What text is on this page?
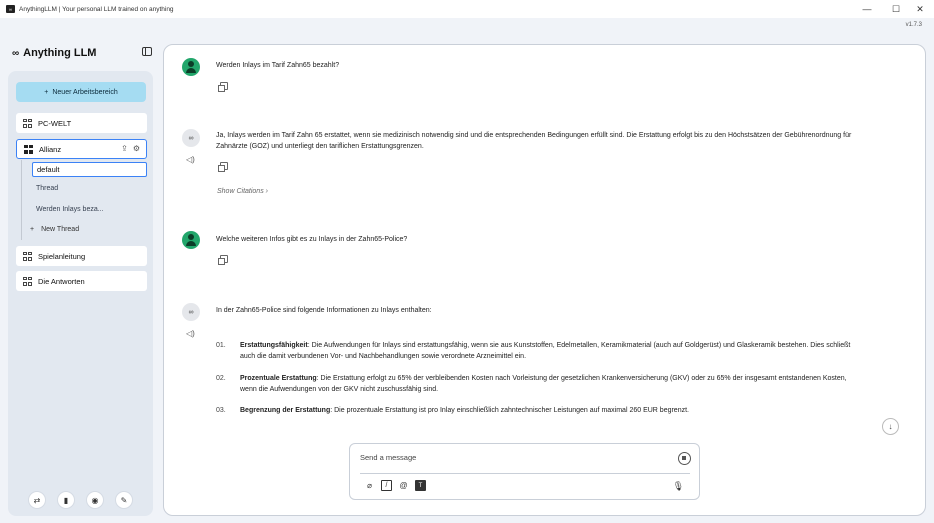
∞	AnythingLLM | Your personal LLM trained on anything	—	☐	✕
v1.7.3
∞ Anything LLM
+ Neuer Arbeitsbereich
PC-WELT
Allianz	⇪ ⚙
default
Thread
Werden Inlays beza...
+ New Thread
Spielanleitung
Die Antworten
⇄	▮	◉	✎
Werden Inlays im Tarif Zahn65 bezahlt?
∞
◁)
Ja, Inlays werden im Tarif Zahn 65 erstattet, wenn sie medizinisch notwendig sind und die entsprechenden Bedingungen erfüllt sind. Die Erstattung erfolgt bis zu den Höchstsätzen der Gebührenordnung für Zahnärzte (GOZ) und unterliegt den tariflichen Erstattungsgrenzen.
Show Citations ›
Welche weiteren Infos gibt es zu Inlays in der Zahn65-Police?
∞
◁)
In der Zahn65-Police sind folgende Informationen zu Inlays enthalten:
01. Erstattungsfähigkeit: Die Aufwendungen für Inlays sind erstattungsfähig, wenn sie aus Kunststoffen, Edelmetallen, Keramikmaterial (auch auf Goldgerüst) und Glaskeramik bestehen. Dies schließt auch die damit verbundenen Vor- und Nachbehandlungen sowie verordnete Arzneimittel ein.
02. Prozentuale Erstattung: Die Erstattung erfolgt zu 65% der verbleibenden Kosten nach Vorleistung der gesetzlichen Krankenversicherung (GKV) oder zu 65% der insgesamt entstandenen Kosten, wenn die Aufwendungen von der GKV nicht zuschussfähig sind.
03. Begrenzung der Erstattung: Die prozentuale Erstattung ist pro Inlay einschließlich zahntechnischer Leistungen auf maximal 260 EUR begrenzt.
↓
Send a message
⌀	/	@	T	🎙
